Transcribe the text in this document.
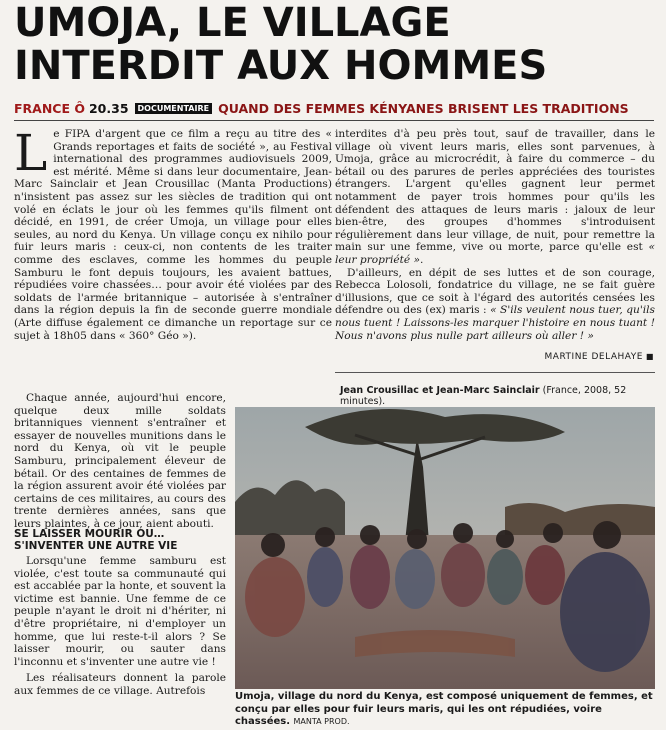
UMOJA, LE VILLAGE INTERDIT AUX HOMMES
FRANCE Ô 20.35 DOCUMENTAIRE QUAND DES FEMMES KÉNYANES BRISENT LES TRADITIONS

Le FIPA d'argent que ce film a reçu au titre des « Grands reportages et faits de société », au Festival international des programmes audiovisuels 2009, est mérité. Même si dans leur documentaire, Jean-Marc Sainclair et Jean Crousillac (Manta Productions) n'insistent pas assez sur les siècles de tradition qui ont volé en éclats le jour où les femmes qu'ils filment ont décidé, en 1991, de créer Umoja, un village pour elles seules, au nord du Kenya. Un village conçu ex nihilo pour fuir leurs maris : ceux-ci, non contents de les traiter comme des esclaves, comme les hommes du peuple Samburu le font depuis toujours, les avaient battues, répudiées voire chassées… pour avoir été violées par des soldats de l'armée britannique – autorisée à s'entraîner dans la région depuis la fin de seconde guerre mondiale (Arte diffuse également ce dimanche un reportage sur ce sujet à 18h05 dans « 360° Géo »).

Chaque année, aujourd'hui encore, quelque deux mille soldats britanniques viennent s'entraîner et essayer de nouvelles munitions dans le nord du Kenya, où vit le peuple Samburu, principalement éleveur de bétail. Or des centaines de femmes de la région assurent avoir été violées par certains de ces militaires, au cours des trente dernières années, sans que leurs plaintes, à ce jour, aient abouti.

SE LAISSER MOURIR OU… S'INVENTER UNE AUTRE VIE

Lorsqu'une femme samburu est violée, c'est toute sa communauté qui est accablée par la honte, et souvent la victime est bannie. Une femme de ce peuple n'ayant le droit ni d'hériter, ni d'être propriétaire, ni d'employer un homme, que lui reste-t-il alors ? Se laisser mourir, ou sauter dans l'inconnu et s'inventer une autre vie !

Les réalisateurs donnent la parole aux femmes de ce village. Autrefois

interdites d'à peu près tout, sauf de travailler, dans le village où vivent leurs maris, elles sont parvenues, à Umoja, grâce au microcrédit, à faire du commerce – du bétail ou des parures de perles appréciées des touristes étrangers. L'argent qu'elles gagnent leur permet notamment de payer trois hommes pour qu'ils les défendent des attaques de leurs maris : jaloux de leur bien-être, des groupes d'hommes s'introduisent régulièrement dans leur village, de nuit, pour remettre la main sur une femme, vive ou morte, parce qu'elle est « leur propriété ».

D'ailleurs, en dépit de ses luttes et de son courage, Rebecca Lolosoli, fondatrice du village, ne se fait guère d'illusions, que ce soit à l'égard des autorités censées les défendre ou des (ex) maris : « S'ils veulent nous tuer, qu'ils nous tuent ! Laissons-les marquer l'histoire en nous tuant ! Nous n'avons plus nulle part ailleurs où aller ! »

MARTINE DELAHAYE ■
Jean Crousillac et Jean-Marc Sainclair (France, 2008, 52 minutes).
Umoja, village du nord du Kenya, est composé uniquement de femmes, et conçu par elles pour fuir leurs maris, qui les ont répudiées, voire chassées. MANTA PROD.
